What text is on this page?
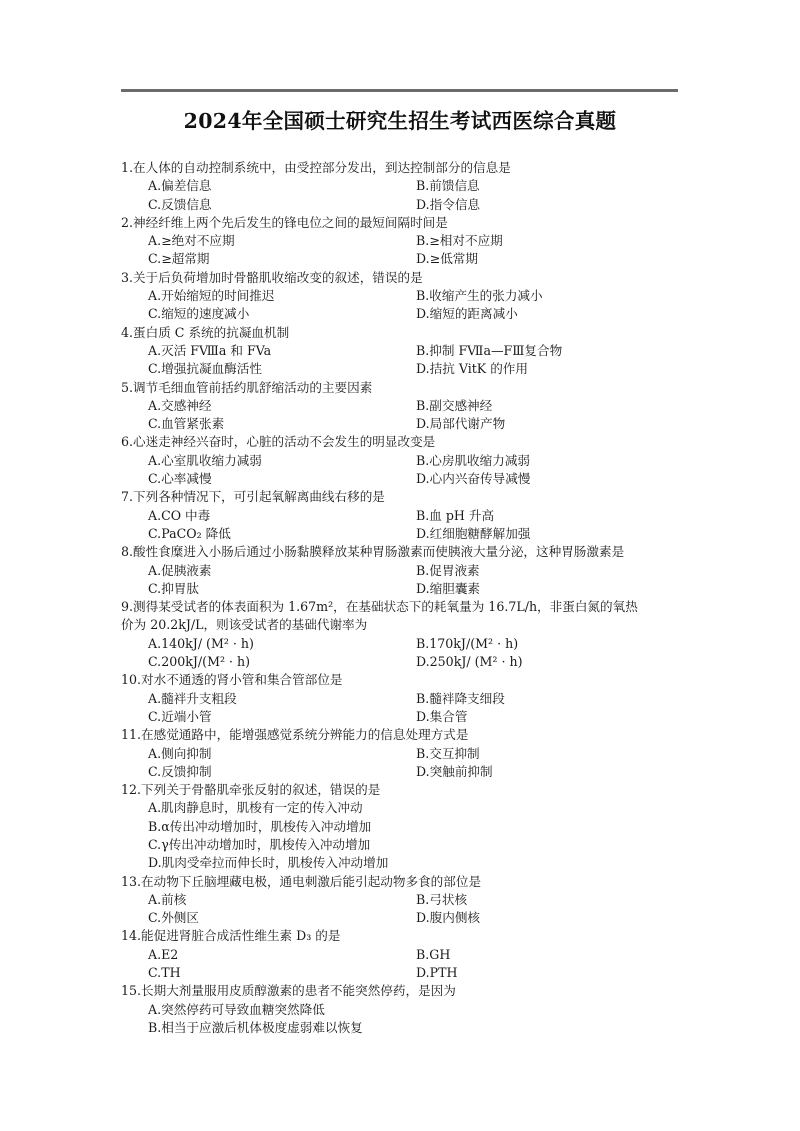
2024年全国硕士研究生招生考试西医综合真题
1.在人体的自动控制系统中，由受控部分发出，到达控制部分的信息是
A.偏差信息	B.前馈信息
C.反馈信息	D.指令信息
2.神经纤维上两个先后发生的锋电位之间的最短间隔时间是
A.≥绝对不应期	B.≥相对不应期
C.≥超常期	D.≥低常期
3.关于后负荷增加时骨骼肌收缩改变的叙述，错误的是
A.开始缩短的时间推迟	B.收缩产生的张力减小
C.缩短的速度减小	D.缩短的距离减小
4.蛋白质 C 系统的抗凝血机制
A.灭活 FⅧa 和 FVa	B.抑制 FⅦa—FⅢ复合物
C.增强抗凝血酶活性	D.拮抗 VitK 的作用
5.调节毛细血管前括约肌舒缩活动的主要因素
A.交感神经	B.副交感神经
C.血管紧张素	D.局部代谢产物
6.心迷走神经兴奋时，心脏的活动不会发生的明显改变是
A.心室肌收缩力减弱	B.心房肌收缩力减弱
C.心率减慢	D.心内兴奋传导减慢
7.下列各种情况下，可引起氧解离曲线右移的是
A.CO 中毒	B.血 pH 升高
C.PaCO₂ 降低	D.红细胞糖酵解加强
8.酸性食糜进入小肠后通过小肠黏膜释放某种胃肠激素而使胰液大量分泌，这种胃肠激素是
A.促胰液素	B.促胃液素
C.抑胃肽	D.缩胆囊素
9.测得某受试者的体表面积为 1.67m²，在基础状态下的耗氧量为 16.7L/h，非蛋白氮的氧热
价为 20.2kJ/L，则该受试者的基础代谢率为
A.140kJ/ (M² · h)	B.170kJ/(M² · h)
C.200kJ/(M² · h)	D.250kJ/ (M² · h)
10.对水不通透的肾小管和集合管部位是
A.髓袢升支粗段	B.髓袢降支细段
C.近端小管	D.集合管
11.在感觉通路中，能增强感觉系统分辨能力的信息处理方式是
A.侧向抑制	B.交互抑制
C.反馈抑制	D.突触前抑制
12.下列关于骨骼肌牵张反射的叙述，错误的是
A.肌肉静息时，肌梭有一定的传入冲动
B.α传出冲动增加时，肌梭传入冲动增加
C.γ传出冲动增加时，肌梭传入冲动增加
D.肌肉受牵拉而伸长时，肌梭传入冲动增加
13.在动物下丘脑埋藏电极，通电刺激后能引起动物多食的部位是
A.前核	B.弓状核
C.外侧区	D.腹内侧核
14.能促进肾脏合成活性维生素 D₃ 的是
A.E2	B.GH
C.TH	D.PTH
15.长期大剂量服用皮质醇激素的患者不能突然停药，是因为
A.突然停药可导致血糖突然降低
B.相当于应激后机体极度虚弱难以恢复
